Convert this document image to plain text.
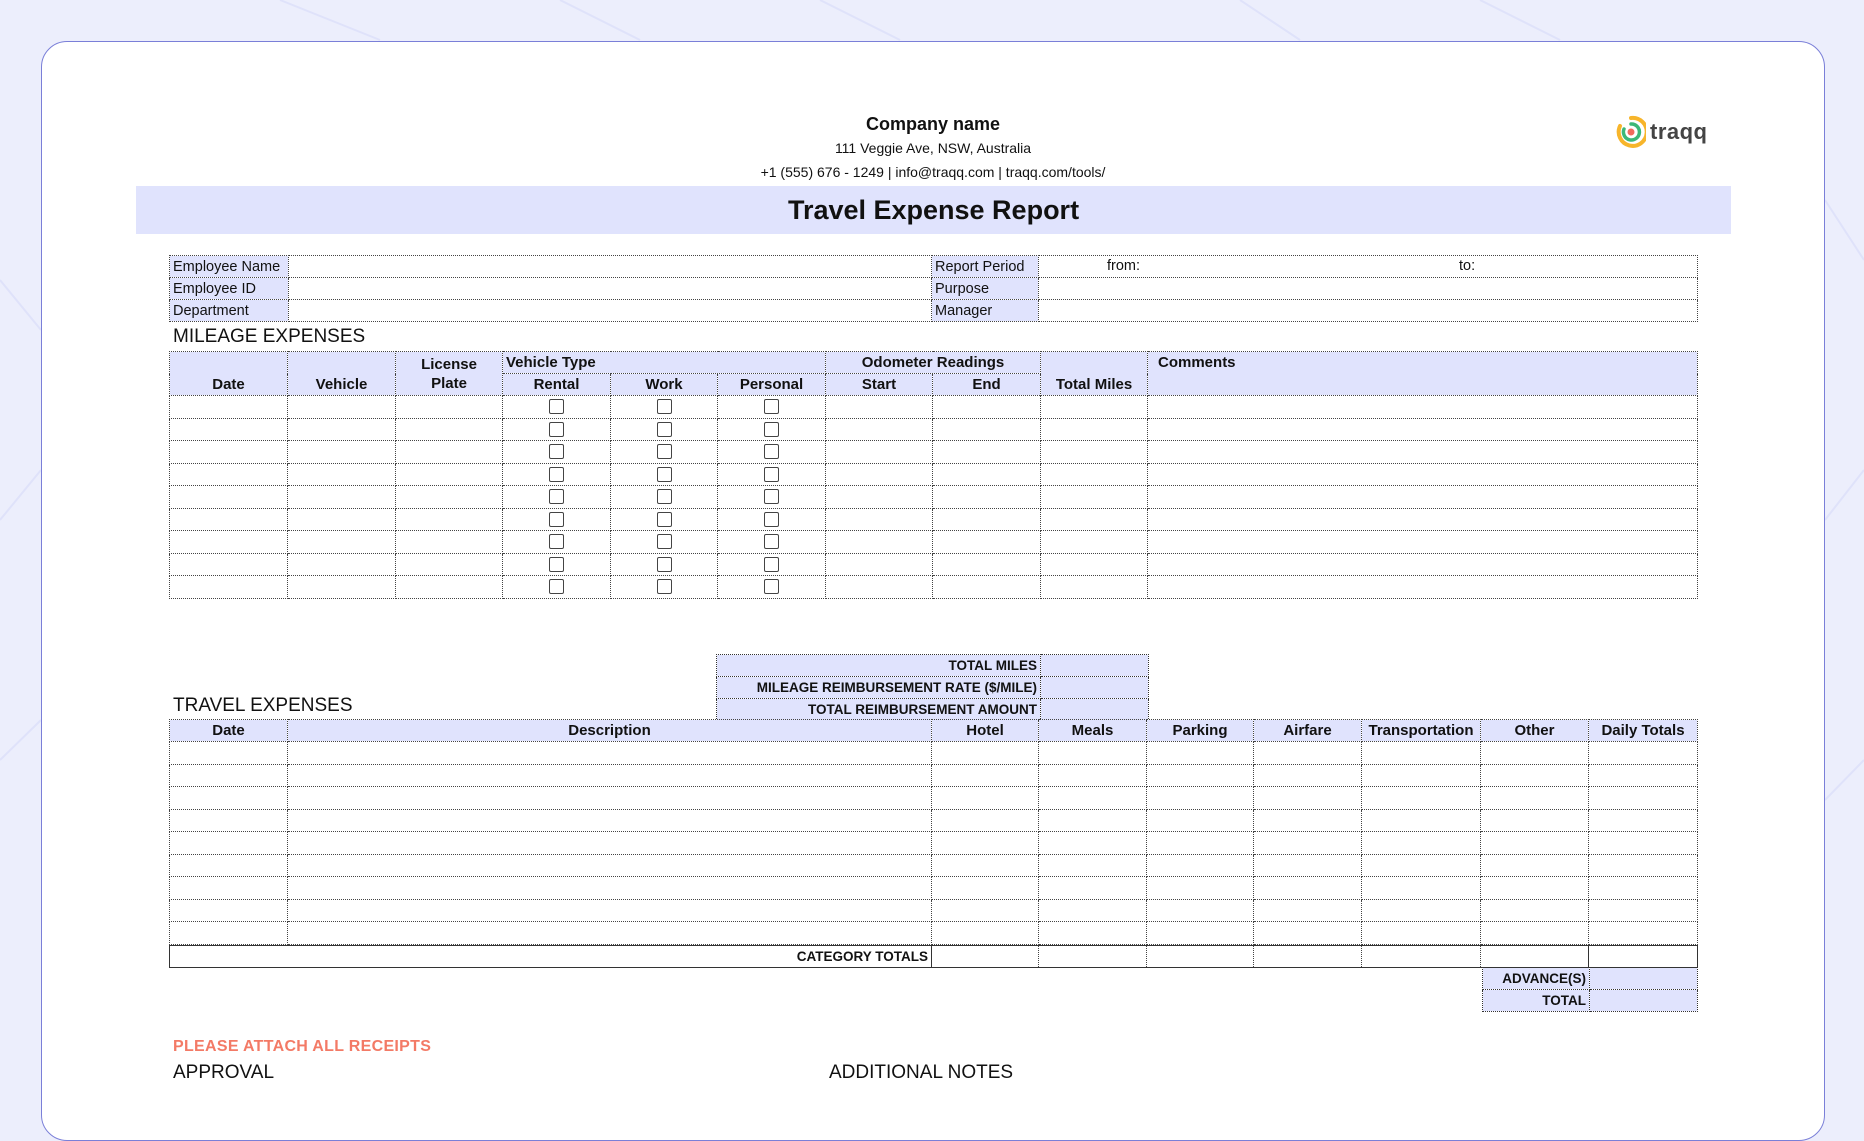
Company name
111 Veggie Ave, NSW, Australia
+1 (555) 676 - 1249 | info@traqq.com | traqq.com/tools/
traqq
Travel Expense Report
Employee Name		Report Period	from: to:

Employee ID		Purpose	
Department		Manager	
MILEAGE EXPENSES
Date	Vehicle	License Plate	Vehicle Type			Odometer Readings		Total Miles	Comments
			Rental	Work	Personal	Start	End		

TOTAL MILES	
MILEAGE REIMBURSEMENT RATE ($/MILE)	
TOTAL REIMBURSEMENT AMOUNT	
TRAVEL EXPENSES
Date	Description	Hotel	Meals	Parking	Airfare	Transportation	Other	Daily Totals

CATEGORY TOTALS							
ADVANCE(S)	
TOTAL	
PLEASE ATTACH ALL RECEIPTS
APPROVAL	ADDITIONAL NOTES
